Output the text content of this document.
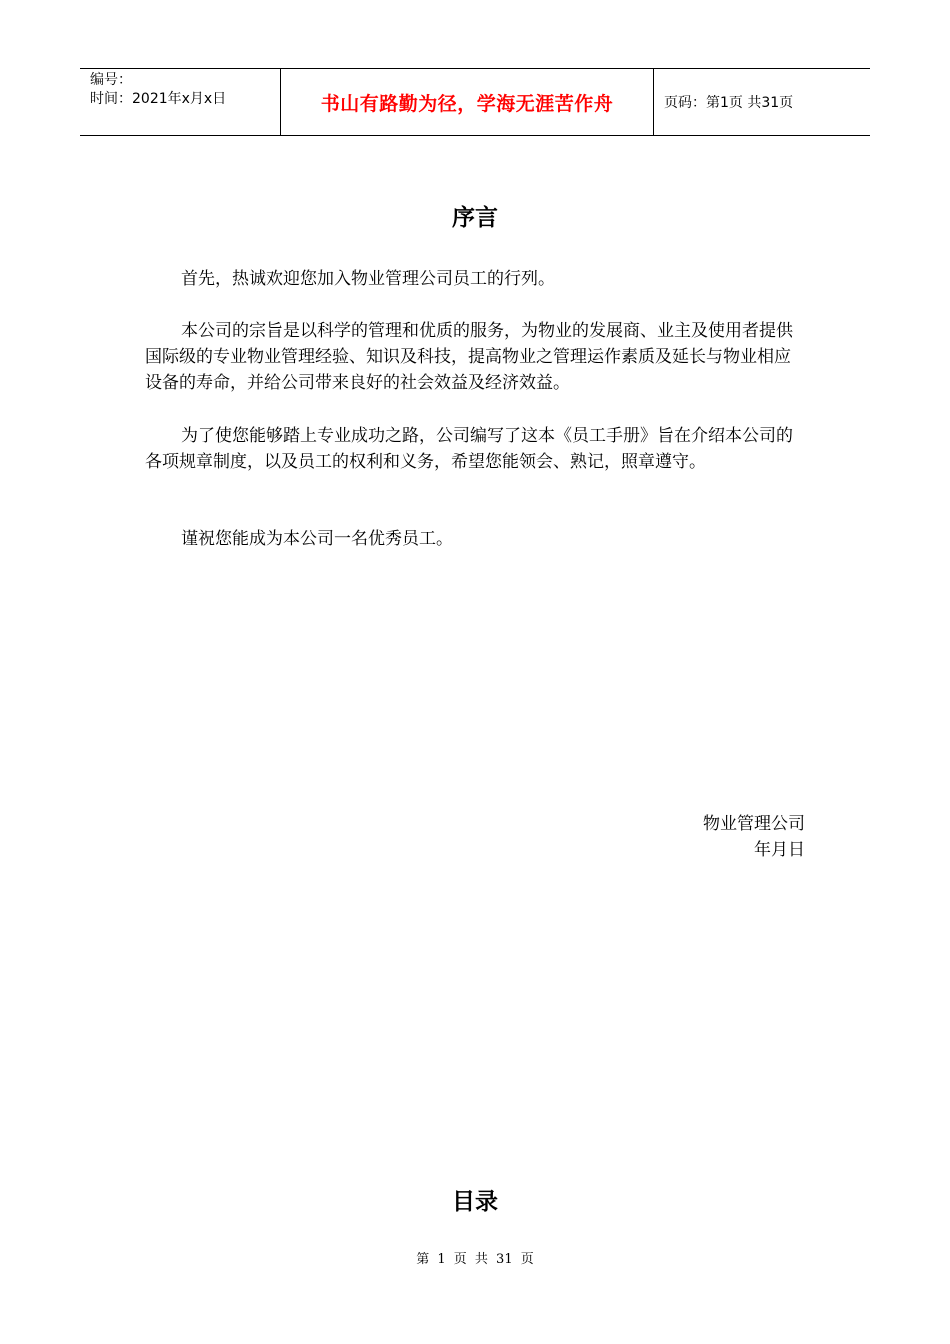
编号：
时间：2021年x月x日	书山有路勤为径，学海无涯苦作舟	页码：第1页 共31页
序言

首先，热诚欢迎您加入物业管理公司员工的行列。

本公司的宗旨是以科学的管理和优质的服务，为物业的发展商、业主及使用者提供国际级的专业物业管理经验、知识及科技，提高物业之管理运作素质及延长与物业相应设备的寿命，并给公司带来良好的社会效益及经济效益。

为了使您能够踏上专业成功之路，公司编写了这本《员工手册》旨在介绍本公司的各项规章制度，以及员工的权利和义务，希望您能领会、熟记，照章遵守。

谨祝您能成为本公司一名优秀员工。

物业管理公司
年月日
目录
第 1 页 共 31 页
